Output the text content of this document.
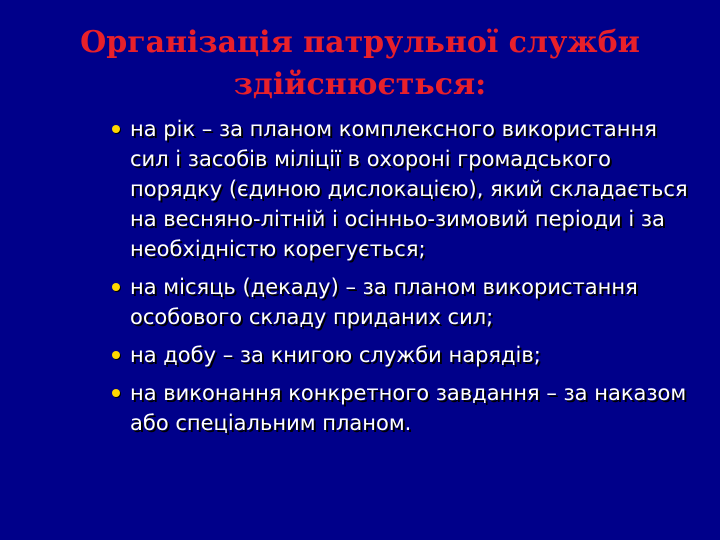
Організація патрульної служби
здійснюється:
на рік – за планом комплексного використання сил і засобів міліції в охороні громадського порядку (єдиною дислокацією), який складається на весняно-літній і осінньо-зимовий періоди і за необхідністю корегується;
на місяць (декаду) – за планом використання особового складу приданих сил;
на добу – за книгою служби нарядів;
на виконання конкретного завдання – за наказом або спеціальним планом.
